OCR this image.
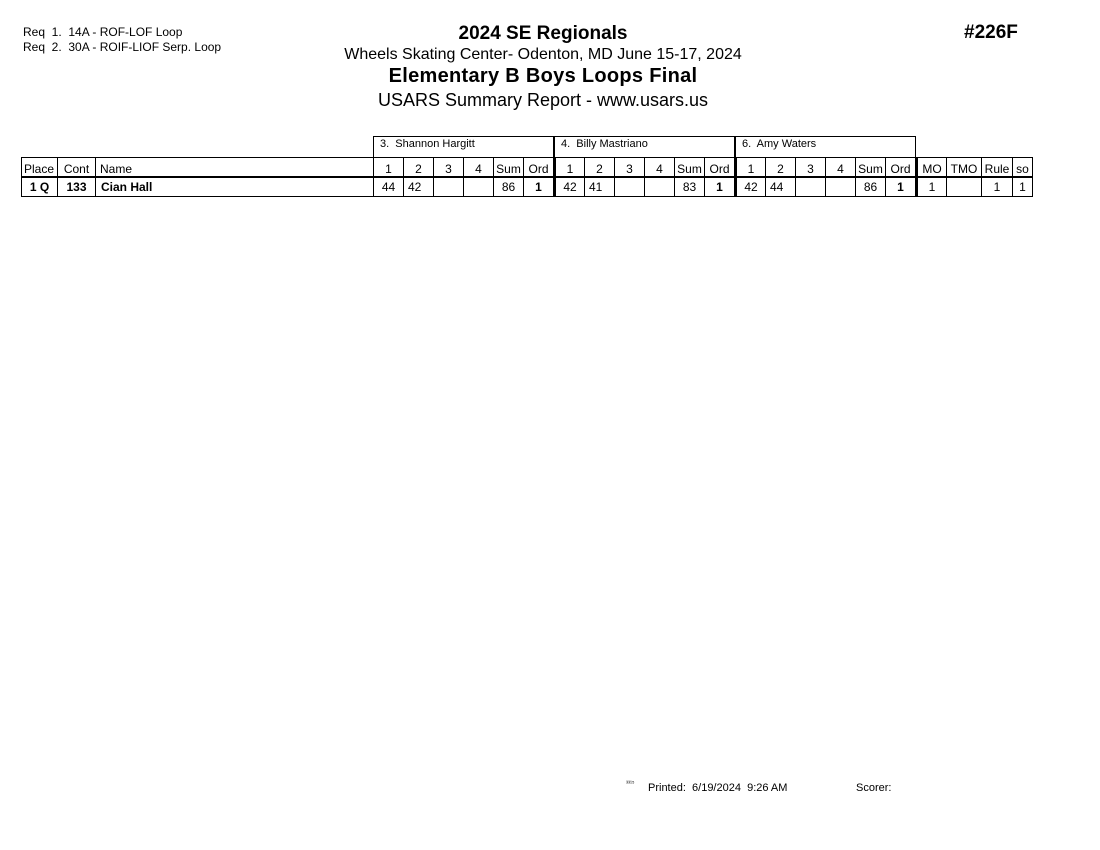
Req  1.  14A - ROF-LOF Loop
Req  2.  30A - ROIF-LIOF Serp. Loop
#226F
2024 SE Regionals
Wheels Skating Center- Odenton, MD June 15-17, 2024
Elementary B Boys Loops Final
USARS Summary Report - www.usars.us
3.  Shannon Hargitt	4.  Billy Mastriano	6.  Amy Waters
Place	Cont	Name	1	2	3	4	Sum	Ord	1	2	3	4	Sum	Ord	1	2	3	4	Sum	Ord	MO	TMO	Rule	so
1 Q	133	Cian Hall	44	42			86	1	42	41			83	1	42	44			86	1	1		1	1
³³¹⁵ Printed:  6/19/2024  9:26 AM	Scorer:
